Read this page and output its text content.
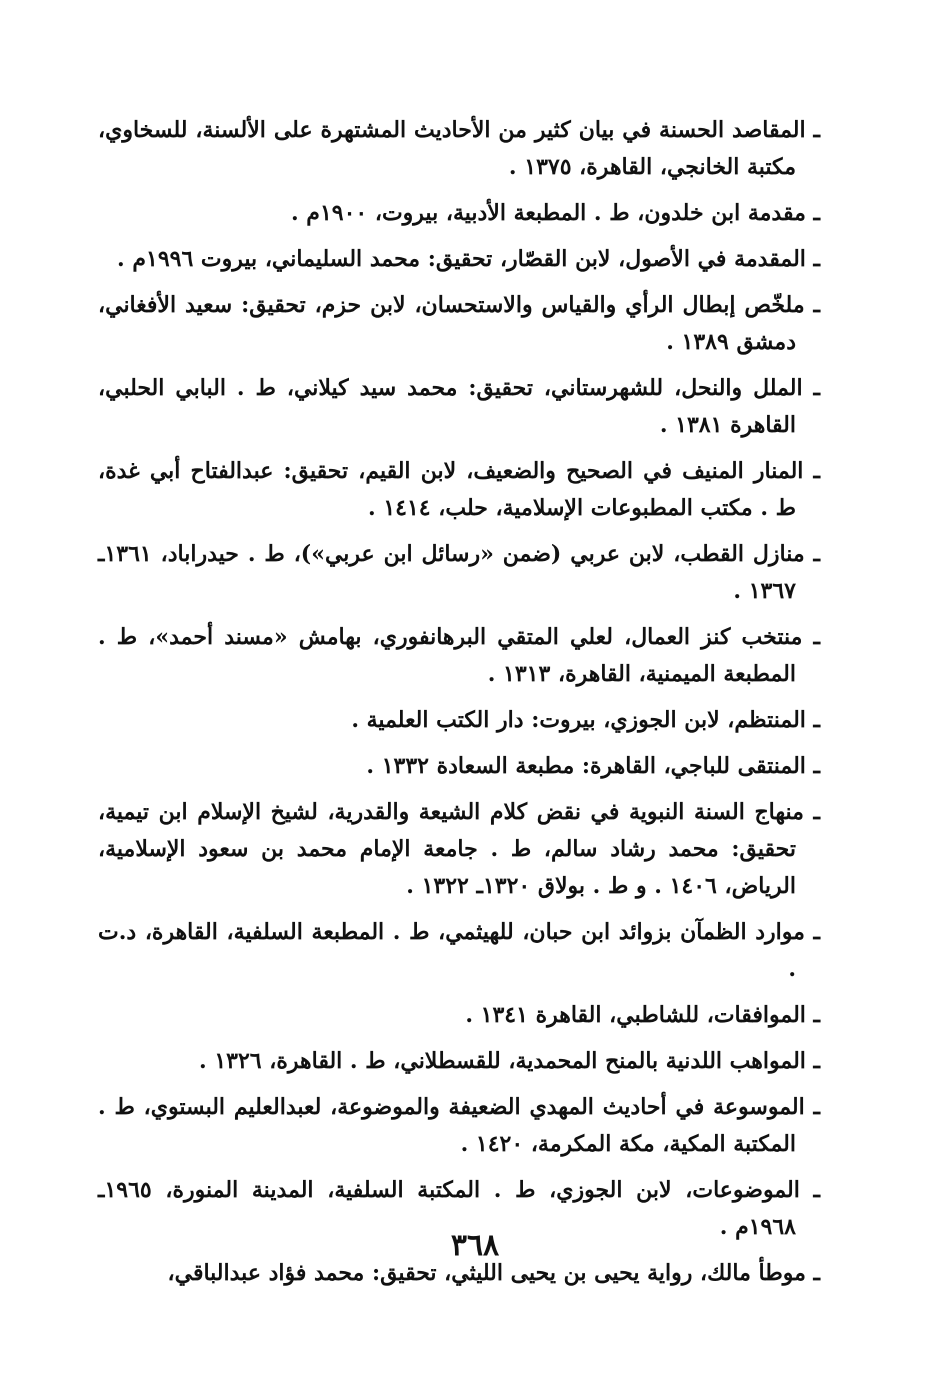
ـ المقاصد الحسنة في بيان كثير من الأحاديث المشتهرة على الألسنة، للسخاوي، مكتبة الخانجي، القاهرة، ١٣٧٥ .
ـ مقدمة ابن خلدون، ط . المطبعة الأدبية، بيروت، ١٩٠٠م .
ـ المقدمة في الأصول، لابن القصّار، تحقيق: محمد السليماني، بيروت ١٩٩٦م .
ـ ملخّص إبطال الرأي والقياس والاستحسان، لابن حزم، تحقيق: سعيد الأفغاني، دمشق ١٣٨٩ .
ـ الملل والنحل، للشهرستاني، تحقيق: محمد سيد كيلاني، ط . البابي الحلبي، القاهرة ١٣٨١ .
ـ المنار المنيف في الصحيح والضعيف، لابن القيم، تحقيق: عبدالفتاح أبي غدة، ط . مكتب المطبوعات الإسلامية، حلب، ١٤١٤ .
ـ منازل القطب، لابن عربي (ضمن «رسائل ابن عربي»)، ط . حيدراباد، ١٣٦١ـ ١٣٦٧ .
ـ منتخب كنز العمال، لعلي المتقي البرهانفوري، بهامش «مسند أحمد»، ط . المطبعة الميمنية، القاهرة، ١٣١٣ .
ـ المنتظم، لابن الجوزي، بيروت: دار الكتب العلمية .
ـ المنتقى للباجي، القاهرة: مطبعة السعادة ١٣٣٢ .
ـ منهاج السنة النبوية في نقض كلام الشيعة والقدرية، لشيخ الإسلام ابن تيمية، تحقيق: محمد رشاد سالم، ط . جامعة الإمام محمد بن سعود الإسلامية، الرياض، ١٤٠٦ . و ط . بولاق ١٣٢٠ـ ١٣٢٢ .
ـ موارد الظمآن بزوائد ابن حبان، للهيثمي، ط . المطبعة السلفية، القاهرة، د.ت .
ـ الموافقات، للشاطبي، القاهرة ١٣٤١ .
ـ المواهب اللدنية بالمنح المحمدية، للقسطلاني، ط . القاهرة، ١٣٢٦ .
ـ الموسوعة في أحاديث المهدي الضعيفة والموضوعة، لعبدالعليم البستوي، ط . المكتبة المكية، مكة المكرمة، ١٤٢٠ .
ـ الموضوعات، لابن الجوزي، ط . المكتبة السلفية، المدينة المنورة، ١٩٦٥ـ ١٩٦٨م .
ـ موطأ مالك، رواية يحيى بن يحيى الليثي، تحقيق: محمد فؤاد عبدالباقي،
٣٦٨
